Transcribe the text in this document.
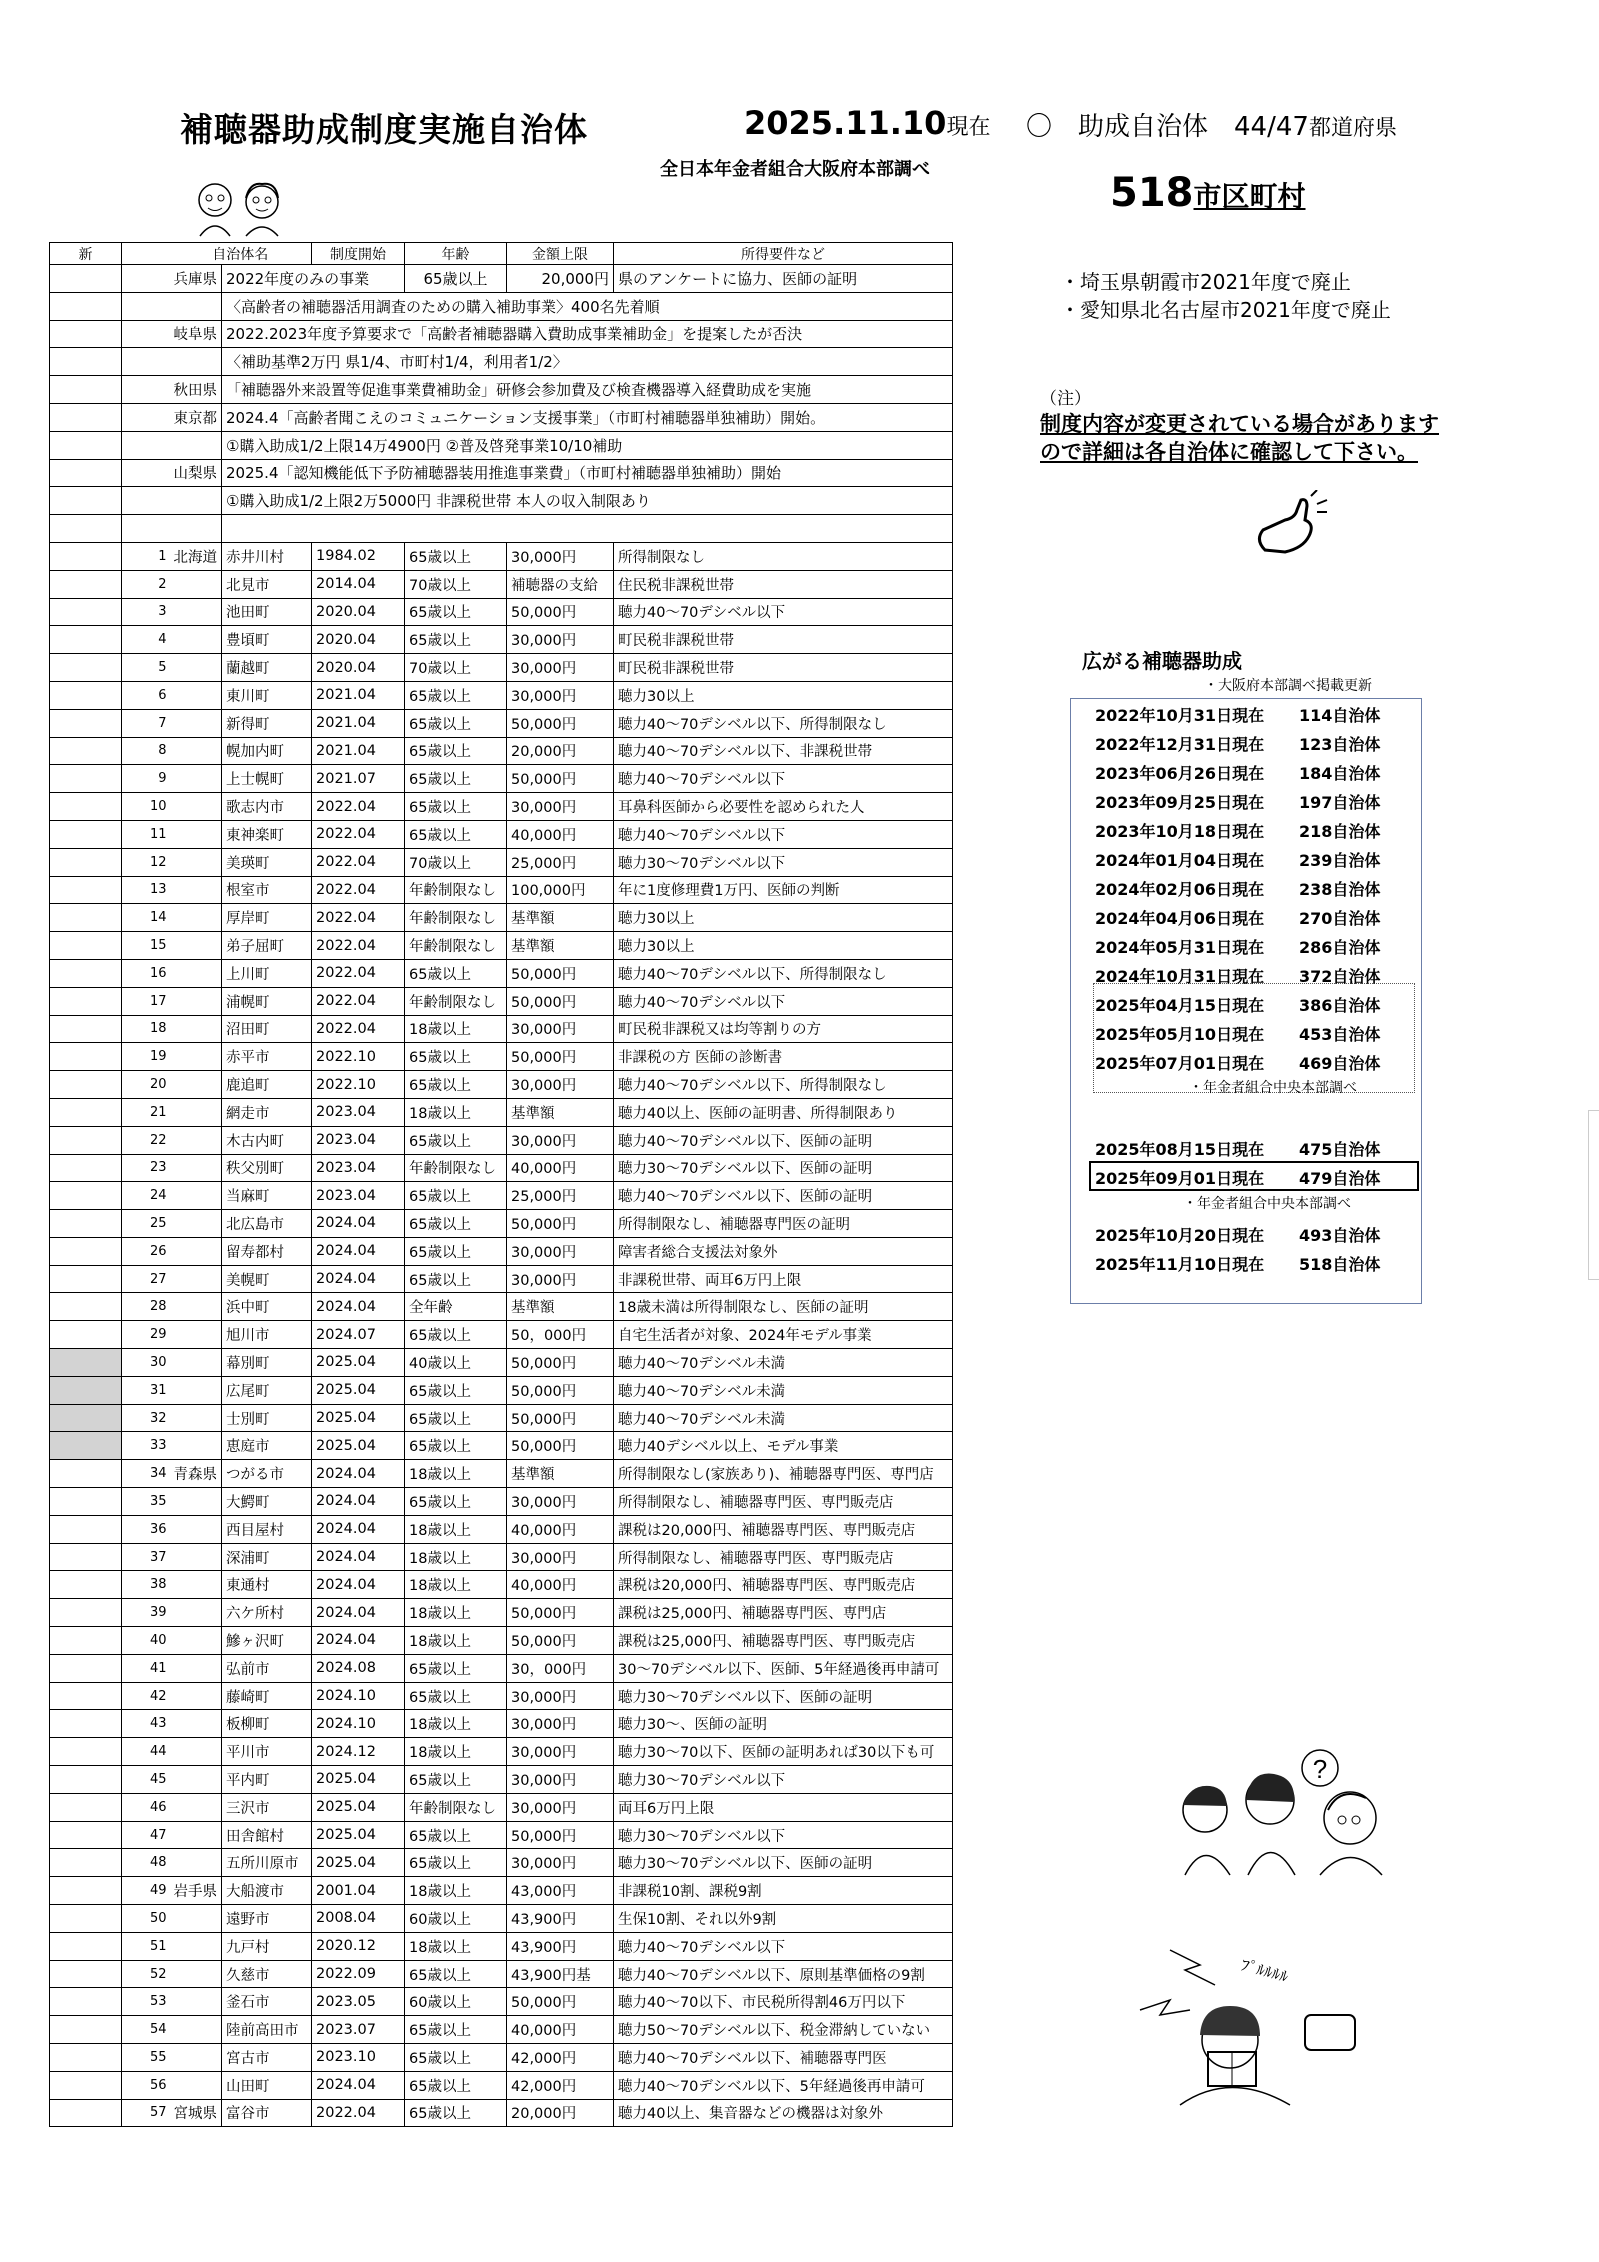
補聴器助成制度実施自治体	2025.11.10現在
全日本年金者組合大阪府本部調べ
〇　助成自治体　44/47都道府県
518市区町村
・埼玉県朝霞市2021年度で廃止
・愛知県北名古屋市2021年度で廃止
（注）
制度内容が変更されている場合があります
ので詳細は各自治体に確認して下さい。
広がる補聴器助成
・大阪府本部調べ掲載更新
2022年10月31日現在 114自治体
2022年12月31日現在 123自治体
2023年06月26日現在 184自治体
2023年09月25日現在 197自治体
2023年10月18日現在 218自治体
2024年01月04日現在 239自治体
2024年02月06日現在 238自治体
2024年04月06日現在 270自治体
2024年05月31日現在 286自治体
2024年10月31日現在 372自治体
2025年04月15日現在 386自治体
2025年05月10日現在 453自治体
2025年07月01日現在 469自治体
・年金者組合中央本部調べ
2025年08月15日現在 475自治体
2025年09月01日現在 479自治体
・年金者組合中央本部調べ
2025年10月20日現在 493自治体
2025年11月10日現在 518自治体
?
ﾌﾟﾙﾙﾙﾙ
新		自治体名		制度開始	年齢	金額上限	所得要件など
		兵庫県	2022年度のみの事業		65歳以上	20,000円	県のアンケートに協力、医師の証明
			〈高齢者の補聴器活用調査のための購入補助事業〉400名先着順				
		岐阜県	2022.2023年度予算要求で「高齢者補聴器購入費助成事業補助金」を提案したが否決				
			〈補助基準2万円 県1/4、市町村1/4，利用者1/2〉				
		秋田県	「補聴器外来設置等促進事業費補助金」研修会参加費及び検査機器導入経費助成を実施				
		東京都	2024.4「高齢者聞こえのコミュニケーション支援事業」（市町村補聴器単独補助）開始。				
			①購入助成1/2上限14万4900円 ②普及啓発事業10/10補助				
		山梨県	2025.4「認知機能低下予防補聴器装用推進事業費」（市町村補聴器単独補助）開始				
			①購入助成1/2上限2万5000円 非課税世帯 本人の収入制限あり				

	1	北海道	赤井川村	1984.02	65歳以上	30,000円	所得制限なし
	2		北見市	2014.04	70歳以上	補聴器の支給	住民税非課税世帯
	3		池田町	2020.04	65歳以上	50,000円	聴力40～70デシベル以下
	4		豊頃町	2020.04	65歳以上	30,000円	町民税非課税世帯
	5		蘭越町	2020.04	70歳以上	30,000円	町民税非課税世帯
	6		東川町	2021.04	65歳以上	30,000円	聴力30以上
	7		新得町	2021.04	65歳以上	50,000円	聴力40～70デシベル以下、所得制限なし
	8		幌加内町	2021.04	65歳以上	20,000円	聴力40～70デシベル以下、非課税世帯
	9		上士幌町	2021.07	65歳以上	50,000円	聴力40～70デシベル以下
	10		歌志内市	2022.04	65歳以上	30,000円	耳鼻科医師から必要性を認められた人
	11		東神楽町	2022.04	65歳以上	40,000円	聴力40～70デシベル以下
	12		美瑛町	2022.04	70歳以上	25,000円	聴力30～70デシベル以下
	13		根室市	2022.04	年齢制限なし	100,000円	年に1度修理費1万円、医師の判断
	14		厚岸町	2022.04	年齢制限なし	基準額	聴力30以上
	15		弟子屈町	2022.04	年齢制限なし	基準額	聴力30以上
	16		上川町	2022.04	65歳以上	50,000円	聴力40～70デシベル以下、所得制限なし
	17		浦幌町	2022.04	年齢制限なし	50,000円	聴力40～70デシベル以下
	18		沼田町	2022.04	18歳以上	30,000円	町民税非課税又は均等割りの方
	19		赤平市	2022.10	65歳以上	50,000円	非課税の方 医師の診断書
	20		鹿追町	2022.10	65歳以上	30,000円	聴力40～70デシベル以下、所得制限なし
	21		網走市	2023.04	18歳以上	基準額	聴力40以上、医師の証明書、所得制限あり
	22		木古内町	2023.04	65歳以上	30,000円	聴力40～70デシベル以下、医師の証明
	23		秩父別町	2023.04	年齢制限なし	40,000円	聴力30～70デシベル以下、医師の証明
	24		当麻町	2023.04	65歳以上	25,000円	聴力40～70デシベル以下、医師の証明
	25		北広島市	2024.04	65歳以上	50,000円	所得制限なし、補聴器専門医の証明
	26		留寿都村	2024.04	65歳以上	30,000円	障害者総合支援法対象外
	27		美幌町	2024.04	65歳以上	30,000円	非課税世帯、両耳6万円上限
	28		浜中町	2024.04	全年齢	基準額	18歳未満は所得制限なし、医師の証明
	29		旭川市	2024.07	65歳以上	50，000円	自宅生活者が対象、2024年モデル事業
	30		幕別町	2025.04	40歳以上	50,000円	聴力40～70デシベル未満
	31		広尾町	2025.04	65歳以上	50,000円	聴力40～70デシベル未満
	32		士別町	2025.04	65歳以上	50,000円	聴力40～70デシベル未満
	33		恵庭市	2025.04	65歳以上	50,000円	聴力40デシベル以上、モデル事業
	34	青森県	つがる市	2024.04	18歳以上	基準額	所得制限なし(家族あり)、補聴器専門医、専門店
	35		大鰐町	2024.04	65歳以上	30,000円	所得制限なし、補聴器専門医、専門販売店
	36		西目屋村	2024.04	18歳以上	40,000円	課税は20,000円、補聴器専門医、専門販売店
	37		深浦町	2024.04	18歳以上	30,000円	所得制限なし、補聴器専門医、専門販売店
	38		東通村	2024.04	18歳以上	40,000円	課税は20,000円、補聴器専門医、専門販売店
	39		六ケ所村	2024.04	18歳以上	50,000円	課税は25,000円、補聴器専門医、専門店
	40		鰺ヶ沢町	2024.04	18歳以上	50,000円	課税は25,000円、補聴器専門医、専門販売店
	41		弘前市	2024.08	65歳以上	30，000円	30～70デシベル以下、医師、5年経過後再申請可
	42		藤崎町	2024.10	65歳以上	30,000円	聴力30～70デシベル以下、医師の証明
	43		板柳町	2024.10	18歳以上	30,000円	聴力30～、医師の証明
	44		平川市	2024.12	18歳以上	30,000円	聴力30～70以下、医師の証明あれば30以下も可
	45		平内町	2025.04	65歳以上	30,000円	聴力30～70デシベル以下
	46		三沢市	2025.04	年齢制限なし	30,000円	両耳6万円上限
	47		田舎館村	2025.04	65歳以上	50,000円	聴力30～70デシベル以下
	48		五所川原市	2025.04	65歳以上	30,000円	聴力30～70デシベル以下、医師の証明
	49	岩手県	大船渡市	2001.04	18歳以上	43,000円	非課税10割、課税9割
	50		遠野市	2008.04	60歳以上	43,900円	生保10割、それ以外9割
	51		九戸村	2020.12	18歳以上	43,900円	聴力40～70デシベル以下
	52		久慈市	2022.09	65歳以上	43,900円基	聴力40～70デシベル以下、原則基準価格の9割
	53		釜石市	2023.05	60歳以上	50,000円	聴力40～70以下、市民税所得割46万円以下
	54		陸前高田市	2023.07	65歳以上	40,000円	聴力50～70デシベル以下、税金滞納していない
	55		宮古市	2023.10	65歳以上	42,000円	聴力40～70デシベル以下、補聴器専門医
	56		山田町	2024.04	65歳以上	42,000円	聴力40～70デシベル以下、5年経過後再申請可
	57	宮城県	富谷市	2022.04	65歳以上	20,000円	聴力40以上、集音器などの機器は対象外
